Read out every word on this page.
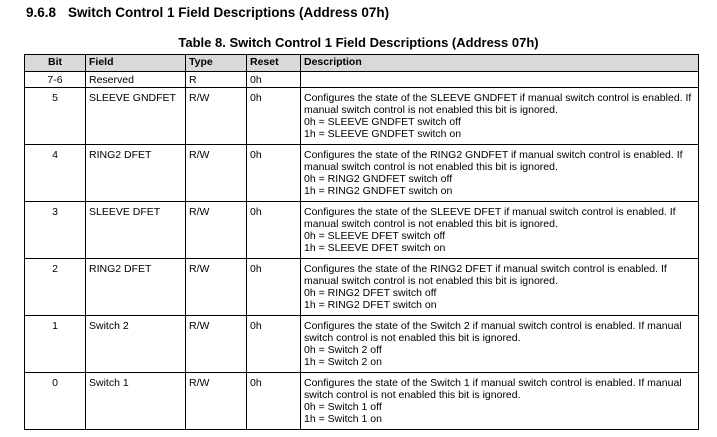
9.6.8 Switch Control 1 Field Descriptions (Address 07h)
Table 8. Switch Control 1 Field Descriptions (Address 07h)
Bit	Field	Type	Reset	Description
7-6	Reserved	R	0h	
5	SLEEVE GNDFET	R/W	0h	Configures the state of the SLEEVE GNDFET if manual switch control is enabled. If manual switch control is not enabled this bit is ignored.
0h = SLEEVE GNDFET switch off
1h = SLEEVE GNDFET switch on

4	RING2 DFET	R/W	0h	Configures the state of the RING2 GNDFET if manual switch control is enabled. If manual switch control is not enabled this bit is ignored.
0h = RING2 GNDFET switch off
1h = RING2 GNDFET switch on

3	SLEEVE DFET	R/W	0h	Configures the state of the SLEEVE DFET if manual switch control is enabled. If manual switch control is not enabled this bit is ignored.
0h = SLEEVE DFET switch off
1h = SLEEVE DFET switch on

2	RING2 DFET	R/W	0h	Configures the state of the RING2 DFET if manual switch control is enabled. If manual switch control is not enabled this bit is ignored.
0h = RING2 DFET switch off
1h = RING2 DFET switch on

1	Switch 2	R/W	0h	Configures the state of the Switch 2 if manual switch control is enabled. If manual switch control is not enabled this bit is ignored.
0h = Switch 2 off
1h = Switch 2 on

0	Switch 1	R/W	0h	Configures the state of the Switch 1 if manual switch control is enabled. If manual switch control is not enabled this bit is ignored.
0h = Switch 1 off
1h = Switch 1 on
